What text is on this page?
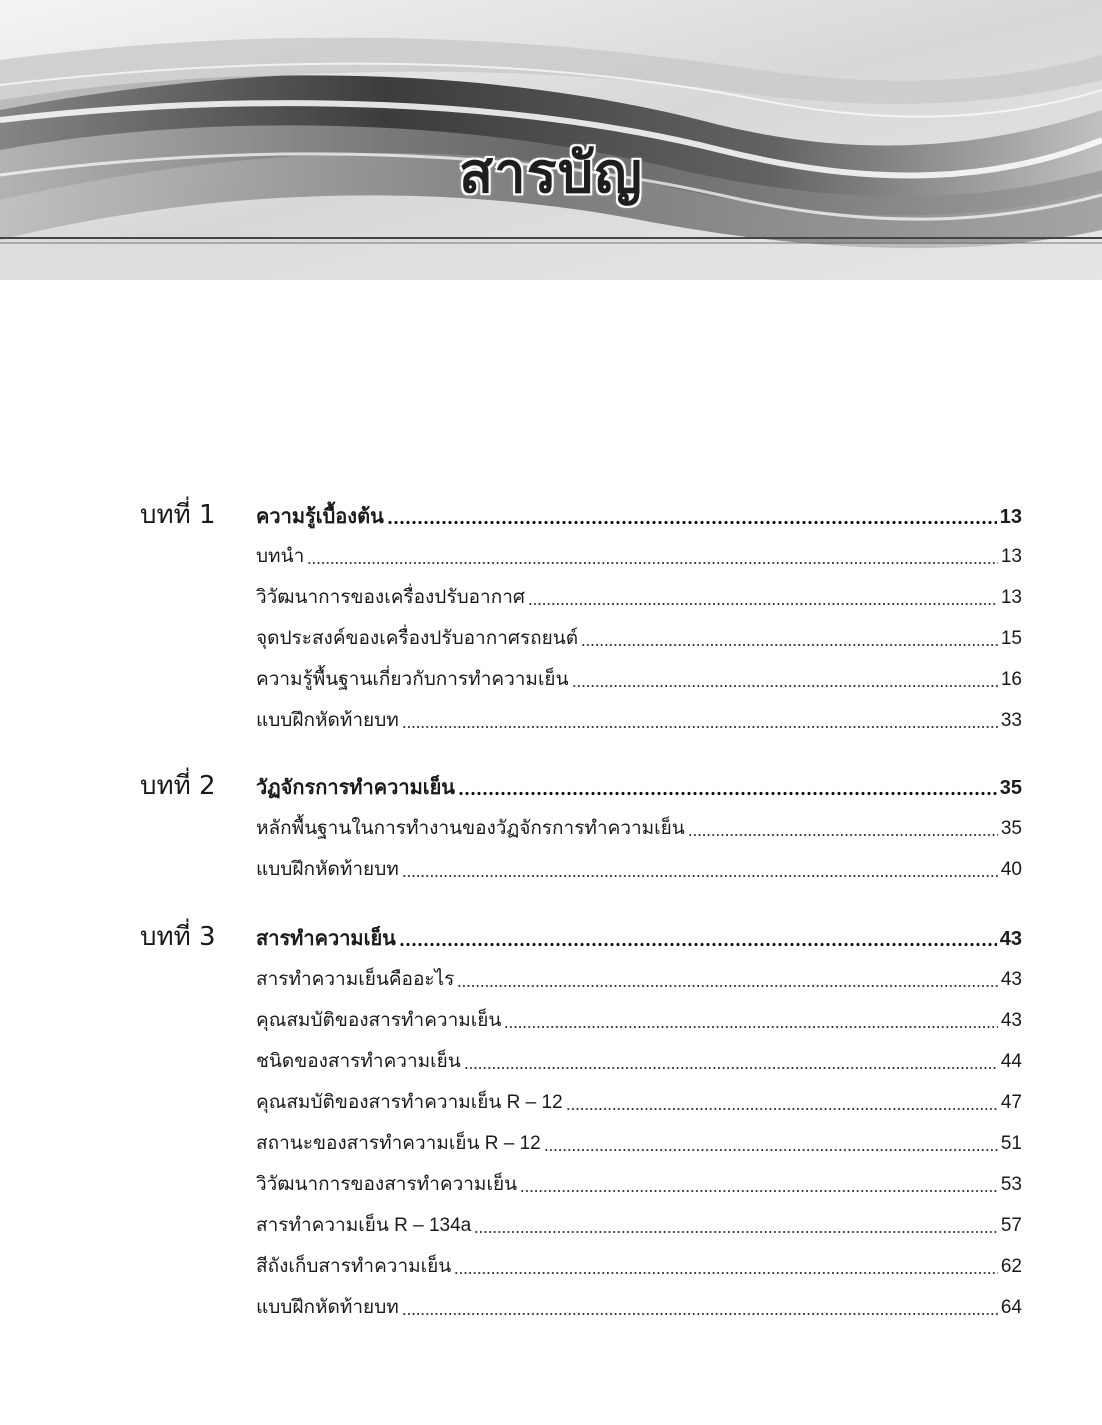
สารบัญ
บทที่ 1	ความรู้เบื้องต้น	13
บทนำ	13
วิวัฒนาการของเครื่องปรับอากาศ	13
จุดประสงค์ของเครื่องปรับอากาศรถยนต์	15
ความรู้พื้นฐานเกี่ยวกับการทำความเย็น	16
แบบฝึกหัดท้ายบท	33
บทที่ 2	วัฏจักรการทำความเย็น	35
หลักพื้นฐานในการทำงานของวัฏจักรการทำความเย็น	35
แบบฝึกหัดท้ายบท	40
บทที่ 3	สารทำความเย็น	43
สารทำความเย็นคืออะไร	43
คุณสมบัติของสารทำความเย็น	43
ชนิดของสารทำความเย็น	44
คุณสมบัติของสารทำความเย็น R – 12	47
สถานะของสารทำความเย็น R – 12	51
วิวัฒนาการของสารทำความเย็น	53
สารทำความเย็น R – 134a	57
สีถังเก็บสารทำความเย็น	62
แบบฝึกหัดท้ายบท	64
